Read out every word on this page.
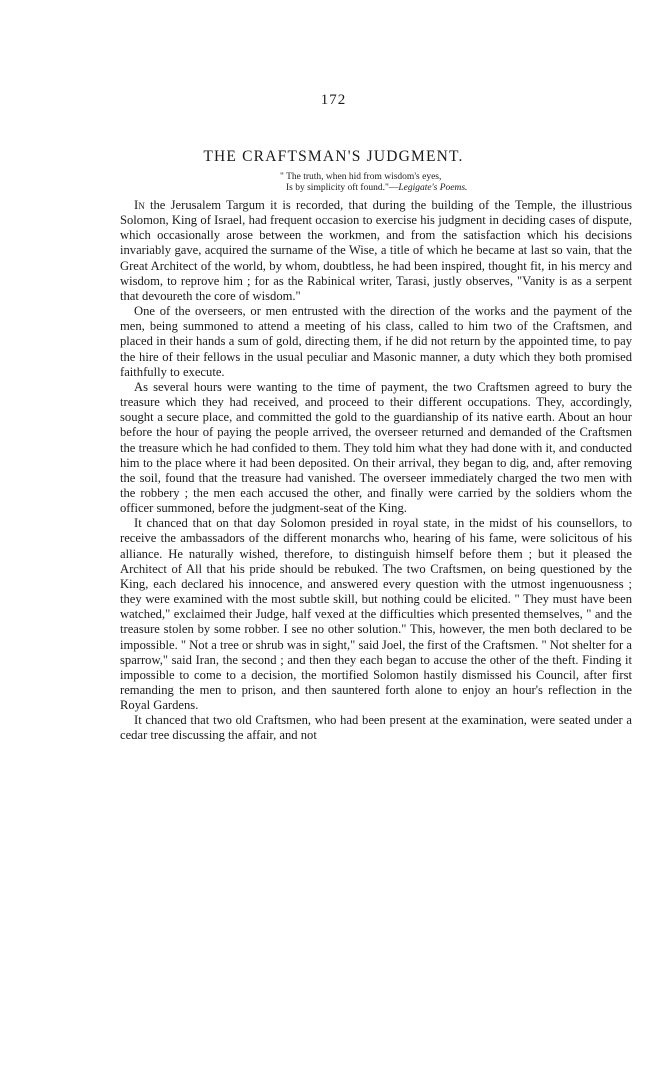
172
THE CRAFTSMAN'S JUDGMENT.
" The truth, when hid from wisdom's eyes,
Is by simplicity oft found."—Legigate's Poems.

In the Jerusalem Targum it is recorded, that during the building of the Temple, the illustrious Solomon, King of Israel, had frequent occasion to exercise his judgment in deciding cases of dispute, which occasionally arose between the workmen, and from the satisfaction which his decisions invariably gave, acquired the surname of the Wise, a title of which he became at last so vain, that the Great Architect of the world, by whom, doubtless, he had been inspired, thought fit, in his mercy and wisdom, to reprove him ; for as the Rabinical writer, Tarasi, justly observes, "Vanity is as a serpent that devoureth the core of wisdom."

One of the overseers, or men entrusted with the direction of the works and the payment of the men, being summoned to attend a meeting of his class, called to him two of the Craftsmen, and placed in their hands a sum of gold, directing them, if he did not return by the appointed time, to pay the hire of their fellows in the usual peculiar and Masonic manner, a duty which they both promised faithfully to execute.

As several hours were wanting to the time of payment, the two Craftsmen agreed to bury the treasure which they had received, and proceed to their different occupations. They, accordingly, sought a secure place, and committed the gold to the guardianship of its native earth. About an hour before the hour of paying the people arrived, the overseer returned and demanded of the Craftsmen the treasure which he had confided to them. They told him what they had done with it, and conducted him to the place where it had been deposited. On their arrival, they began to dig, and, after removing the soil, found that the treasure had vanished. The overseer immediately charged the two men with the robbery ; the men each accused the other, and finally were carried by the soldiers whom the officer summoned, before the judgment-seat of the King.

It chanced that on that day Solomon presided in royal state, in the midst of his counsellors, to receive the ambassadors of the different monarchs who, hearing of his fame, were solicitous of his alliance. He naturally wished, therefore, to distinguish himself before them ; but it pleased the Architect of All that his pride should be rebuked. The two Craftsmen, on being questioned by the King, each declared his innocence, and answered every question with the utmost ingenuousness ; they were examined with the most subtle skill, but nothing could be elicited. " They must have been watched," exclaimed their Judge, half vexed at the difficulties which presented themselves, " and the treasure stolen by some robber. I see no other solution." This, however, the men both declared to be impossible. " Not a tree or shrub was in sight," said Joel, the first of the Craftsmen. " Not shelter for a sparrow," said Iran, the second ; and then they each began to accuse the other of the theft. Finding it impossible to come to a decision, the mortified Solomon hastily dismissed his Council, after first remanding the men to prison, and then sauntered forth alone to enjoy an hour's reflection in the Royal Gardens.

It chanced that two old Craftsmen, who had been present at the examination, were seated under a cedar tree discussing the affair, and not
